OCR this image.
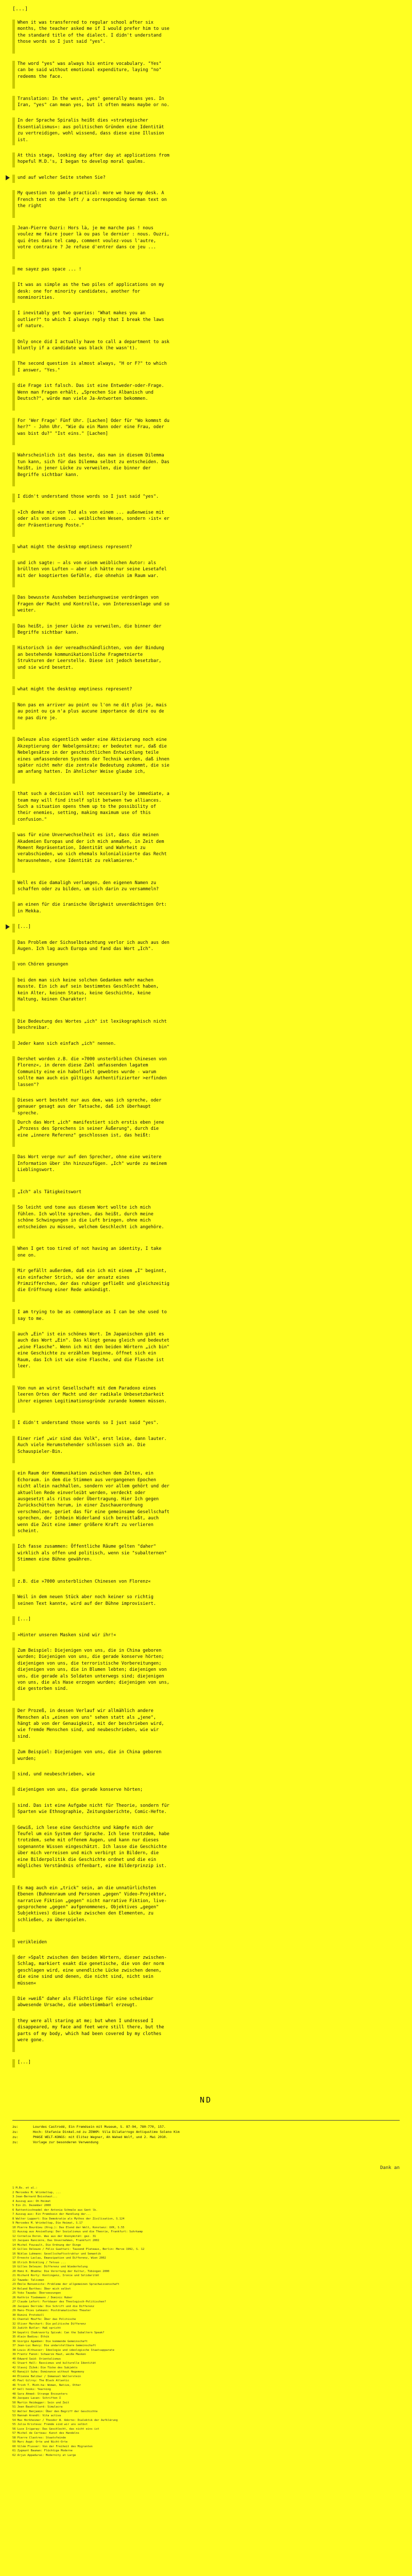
[...]
When it was transferred to regular school after six months, the teacher asked me if I would prefer him to use the standard title of the dialect. I didn't understand those words so I just said "yes".
The word "yes" was always his entire vocabulary. "Yes" can be said without emotional expenditure, laying "no" redeems the face.
Translation: In the west, „yes" generally means yes. In Iran, "yes" can mean yes, but it often means maybe or no.
In der Sprache Spiralis heißt dies »strategischer Essentialismus«: aus politischen Gründen eine Identität zu vertreidigen, wohl wissend, dass diese eine Illusion ist.
At this stage, looking day after day at applications from hopeful M.D.'s, I began to develop moral qualms.
und auf welcher Seite stehen Sie?
My question to gamle practical: more we have my desk. A French text on the left / a corresponding German text on the right
Jean-Pierre Ouzri: Hors là, je me marche pas ! nous voulez me faire jouer là ou pas le dernier : nous. Ouzri, qui êtes dans tel camp, comment voulez-vous l'autre, votre contraire ? Je refuse d'entrer dans ce jeu ...
me sayez pas space ... !
It was as simple as the two piles of applications on my desk: one for minority candidates, another for nonminorities.
I inevitably get two queries: "What makes you an outlier?" to which I always reply that I break the laws of nature.
Only once did I actually have to call a department to ask bluntly if a candidate was black (he wasn't).
The second question is almost always, "H or F?" to which I answer, "Yes."
die Frage ist falsch. Das ist eine Entweder-oder-Frage. Wenn man Fragen erhält, „Sprechen Sie Albanisch und Deutsch?", würde man viele Ja-Antworten bekommen.
For 'Wer Frage' Fünf Uhr. [Lachen] Oder für "Wo kommst du her?" - John Uhr. "Wie du ein Mann oder eine Frau, oder was bist du?" "Ist eins." [Lachen]
Wahrscheinlich ist das beste, das man in diesem Dilemma tun kann, sich für das Dilemma selbst zu entscheiden. Das heißt, in jener Lücke zu verweilen, die binner der Begriffe sichtbar kann.
I didn't understand those words so I just said "yes".
»Ich denke mir von Tod als von einem ... außenweise mit oder als von einem ... weiblichen Wesen, sondern ›ist« er der Präsentierung Poste."
what might the desktop emptiness represent?
und ich sagte: — als von einem weiblichen Autor: als brüllten von Luften — aber ich hätte nur seine Lesetafel mit der kooptierten Gefühle, die ohnehin im Raum war.
Das bewusste Aussheben beziehungsweise verdrängen von Fragen der Macht und Kontrolle, von Interessenlage und so weiter.
Das heißt, in jener Lücke zu verweilen, die binner der Begriffe sichtbar kann.
Historisch in der vereadhschändlichten, von der Bindung an bestehende kommunikationsliche Fragmetnierte Strukturen der Leerstelle. Diese ist jedoch besetzbar, und sie wird besetzt.
what might the desktop emptiness represent?
Non pas en arriver au point ou l'on ne dit plus je, mais au point ou ça n'a plus aucune importance de dire ou de ne pas dire je.
Deleuze also eigentlich weder eine Aktivierung noch eine Akzeptierung der Nebelgensätze; er bedeutet nur, daß die Nebelgesätze in der geschichtlichen Entwicklung teile eines umfassenderen Systems der Technik werden, daß ihnen später nicht mehr die zentrale Bedeutung zukommt, die sie am anfang hatten. In ähnlicher Weise glaube ich,
that such a decision will not necessarily be immediate, a team may will find itself split between two alliances. Such a situation opens them up to the possibility of their enemies, setting, making maximum use of this confusion."
was für eine Unverwechselheit es ist, dass die meinen Akademien Europas und der ich mich anmaßen, in Zeit dem Moment Repräsentation, Identität und Wahrheit zu verabschieden, wo sich ehemals kolonialisierte das Recht herausnehmen, eine Identität zu reklamieren."
Well es die damaligh verlangen, den eigenen Namen zu schaffen oder zu bilden, um sich darin zu versammeln?
an einen für die iranische Übrigkeit unverdächtigen Ort: in Mekka.
[...]
Das Problem der Sichselbstachtung verlor ich auch aus den Augen. Ich lag auch Europa und fand das Wort „Ich".
von Chören gesungen
bei den man sich keine solchen Gedanken mehr machen musste. Ein ich auf sein bestimmtes Geschlecht haben, kein Alter, keinen Status, keine Geschichte, keine Haltung, keinen Charakter!
Die Bedeutung des Wortes „ich" ist lexikographisch nicht beschreibar.
Jeder kann sich einfach „ich" nennen.
Dershet worden z.B. die »7000 unsterblichen Chinesen von Florenz«, in deren diese Zahl umfassenden lagatem Community eine ein haboflielt gewebtes wurde - warum sollte man auch ein gültiges Authentifizierter >erfinden lassen"?
Dieses wort besteht nur aus dem, was ich spreche, oder genauer gesagt aus der Tatsache, daß ich überhaupt spreche.
Durch das Wort „ich" manifestiert sich erstis eben jene „Prozess des Sprechens in seiner Äußerung", durch die eine „innere Referenz" geschlossen ist, das heißt:
Das Wort verge nur auf den Sprecher, ohne eine weitere Information über ihn hinzuzufügen. „Ich" wurde zu meinem Lieblingswort.
„Ich" als Tätigkeitswort
So leicht und tone aus diesem Wort wollte ich mich fühlen. Ich wollte sprechen, das heißt, durch meine schöne Schwingungen in die Luft bringen, ohne mich entscheiden zu müssen, welchem Geschlecht ich angehöre.
When I get too tired of not having an identity, I take one on.
Mir gefällt außerdem, daß ein ich mit einem „I" beginnt, ein einfacher Strich, wie der ansatz eines Primzifferchen, der das ruhiger gefließt und gleichzeitig die Eröffnung einer Rede ankündigt.
I am trying to be as commonplace as I can be she used to say to me.
auch „Ein" ist ein schönes Wort. Im Japanischen gibt es auch das Wort „Ein". Das klingt genau gleich und bedeutet „eine Flasche". Wenn ich mit den beiden Wörtern „ich bin" eine Geschichte zu erzählen beginne, öffnet sich ein Raum, das Ich ist wie eine Flasche, und die Flasche ist leer.
Von nun an wirst Gesellschaft mit dem Paradoxo eines leeren Ortes der Macht und der radikale Unbesetzbarkeit ihrer eigenen Legitimationsgründe zurande kommen müssen.
I didn't understand those words so I just said "yes".
Einer rief „wir sind das Volk", erst leise, dann lauter. Auch viele Herumstehender schlossen sich an. Die Schauspieler-Bin.
ein Raum der Kommunikation zwischen dem Zelten, ein Echoraum. in dem die Stimmen aus vergangenen Epochen nicht allein nachhallen, sondern vor allem gehört und der aktuellen Rede einverleibt werden, verdeckt oder ausgesetzt als ritus oder Übertragung. Hier Ich gegen Zurückschütten herum, in einer Zuschauerordnung verschmolzen, geriet das für eine gemeinsame Gesellschaft sprechen, der Ichbein Widerland sich bereitlaßt, auch wenn die Zeit eine immer größere Kraft zu verlieren scheint.
Ich fasse zusammen: Öffentliche Räume gelten "daher" wirklich als offen und politisch, wenn sie "subalternen" Stimmen eine Bühne gewähren.
z.B. die »7000 unsterblichen Chinesen von Florenz«
Weil in dem neuen Stück aber noch keiner so richtig seinen Text kannte, wird auf der Bühne improvisiert.
[...]
»Hinter unseren Masken sind wir ihr!«
Zum Beispiel: Diejenigen von uns, die in China geboren wurden; Diejenigen von uns, die gerade konserve hörten; diejenigen von uns, die terroristische Vorbereitungen; diejenigen von uns, die in Blumen lebten; diejenigen von uns, die gerade als Soldaten unterwegs sind; diejenigen von uns, die als Hase erzogen wurden; diejenigen von uns, die gestorben sind.
Der Prozeß, in dessen Verlauf wir allmählich andere Menschen als „einen von uns" sehen statt als „jene", hängt ab von der Genauigkeit, mit der beschrieben wird, wie fremde Menschen sind, und neubeschrieben, wie wir sind.
Zum Beispiel: Diejenigen von uns, die in China geboren wurden;
sind, und neubeschrieben, wie
diejenigen von uns, die gerade konserve hörten;
sind. Das ist eine Aufgabe nicht für Theorie, sondern für Sparten wie Ethnographie, Zeitungsberichte, Comic-Hefte.
Gewiß, ich lese eine Geschichte und kämpfe mich der Teufel um ein System der Sprache. Ich lese trotzdem, habe trotzdem, sehe mit offenem Augen, und kann nur dieses sogenannte Wissen eingeschätzt. Ich lasse die Geschichte über mich verreisen und mich verbirgt in Bildern, die eine Bilderpolitik die Geschichte ordnet und die ein mögliches Verständnis offenbart, eine Bilderprinzip ist.
Es mag auch ein „trick" sein, an die unnatürlichsten Ebenen (Buhnenraum und Personen „gegen" Video-Projektor, narrative Fiktion „gegen" nicht narrative Fiktion, live-gesprochene „gegen" aufgenommenes, Objektives „gegen" Subjektives) diese Lücke zwischen den Elementen, zu schließen, zu überspielen.
verikleiden
der »Spalt zwischen den beiden Wörtern, dieser zwischen-Schlag, markiert exakt die genetische, die von der norm geschlagen wird, eine unendliche Lücke zwischen denen, die eine sind und denen, die nicht sind, nicht sein müssen«
Die »weiß" daher als Flüchtlinge für eine scheinbar abwesende Ursache, die unbestimmbarl erzeugt.
they were all staring at me; but when I undressed I disappeared, my face and feet were still there, but the parts of my body, which had been covered by my clothes were gone.
[...]
ND
zu:	Lourdes Castrodé, Ein Fremdsein mit Museum, S. 87-94, 780-770, 157.
zu:	Hoch: Stefanie Dinkel.nd zu ZENKM: Vila Dilatarrogo Antiqustimo Soleno Kim
zu:	PHASE WELT-KONGS: mit Elitez Wegner, Ah Wahed Wolf, und 2. Mai 2010.
zu:	Vorlage zur besonderen Verwendung
Dank an
1 M.Bs. et al.:
2 Mercedes M. Wrinkeltap, ...
3 Jean-Bernard Boisshaut...
4 Auszug aus: Oh Heimat
5 Ein 21. Dezember 2000
6 Rattentischnadel der Antonia Schmale aus Gent lb.
7 Auszug aus: Ein Fremdsein der Handlung der...
8 Walter Luppert: Die Demokratie als Mythos der Zivilisation, S.124
9 Mercedes M. Wrinkeltap, Die Heimat, S.17
10 Pierre Bourdieu (Hrsg.): Das Elend der Welt, Konstanz: UVK, S.55
11 Auszug aus Ansiedlung: Der Sozialismus und die Theorie, Frankfurt: Suhrkamp
12 Cornelia Doron. Was aus der Anonymität: gez. 31
13 Jacques Rancière, Das Unvernehmen, Frankfurt 2002
14 Michel Foucault, Die Ordnung der Dinge
15 Gilles Deleuze / Félix Guattari: Tausend Plateaus, Berlin: Merve 1992, S. 12
16 Niklas Luhmann: Gesellschaftsstruktur und Semantik
17 Ernesto Laclau, Emanzipation und Differenz, Wien 2002
18 Ulrich Bröckling / Tetsuo ...
19 Gilles Deleuze: Differenz und Wiederholung
20 Homi K. Bhabha: Die Verortung der Kultur, Tübingen 2000
21 Richard Rorty: Kontingenz, Ironie und Solidarität
22 Tawada: Talisman
23 Émile Benveniste: Probleme der allgemeinen Sprachwissenschaft
24 Roland Barthes: Über mich selbst
25 Yoko Tawada: Überseezungen
26 Kathrin Tiedemann / Dominic Huber
27 Claude Lefort: Fortdauer des Theologisch-Politischen?
28 Jacques Derrida: Die Schrift und die Differenz
29 Hans-Thies Lehmann: Postdramatisches Theater
30 Rimini Protokoll
31 Chantal Mouffe: Über das Politische
32 Oliver Marchart: Die politische Differenz
33 Judith Butler: Haß spricht
34 Gayatri Chakravorty Spivak: Can the Subaltern Speak?
35 Alain Badiou: Ethik
36 Giorgio Agamben: Die kommende Gemeinschaft
37 Jean-Luc Nancy: Die undarstellbare Gemeinschaft
38 Louis Althusser: Ideologie und ideologische Staatsapparate
39 Frantz Fanon: Schwarze Haut, weiße Masken
40 Edward Said: Orientalismus
41 Stuart Hall: Rassismus und kulturelle Identität
42 Slavoj Žižek: Die Tücke des Subjekts
43 Ranajit Guha: Dominance without Hegemony
44 Étienne Balibar / Immanuel Wallerstein
45 Paul Gilroy: The Black Atlantic
46 Trinh T. Minh-ha: Woman, Native, Other
47 bell hooks: Yearning
48 Sara Ahmed: Strange Encounters
49 Jacques Lacan: Schriften I
50 Martin Heidegger: Sein und Zeit
51 Jean Baudrillard: Simulacra
52 Walter Benjamin: Über den Begriff der Geschichte
53 Hannah Arendt: Vita activa
54 Max Horkheimer / Theodor W. Adorno: Dialektik der Aufklärung
55 Julia Kristeva: Fremde sind wir uns selbst
56 Luce Irigaray: Das Geschlecht, das nicht eins ist
57 Michel de Certeau: Kunst des Handelns
58 Pierre Clastres: Staatsfeinde
59 Marc Augé: Orte und Nicht-Orte
60 Vilém Flusser: Von der Freiheit des Migranten
61 Zygmunt Bauman: Flüchtige Moderne
62 Arjun Appadurai: Modernity at Large
